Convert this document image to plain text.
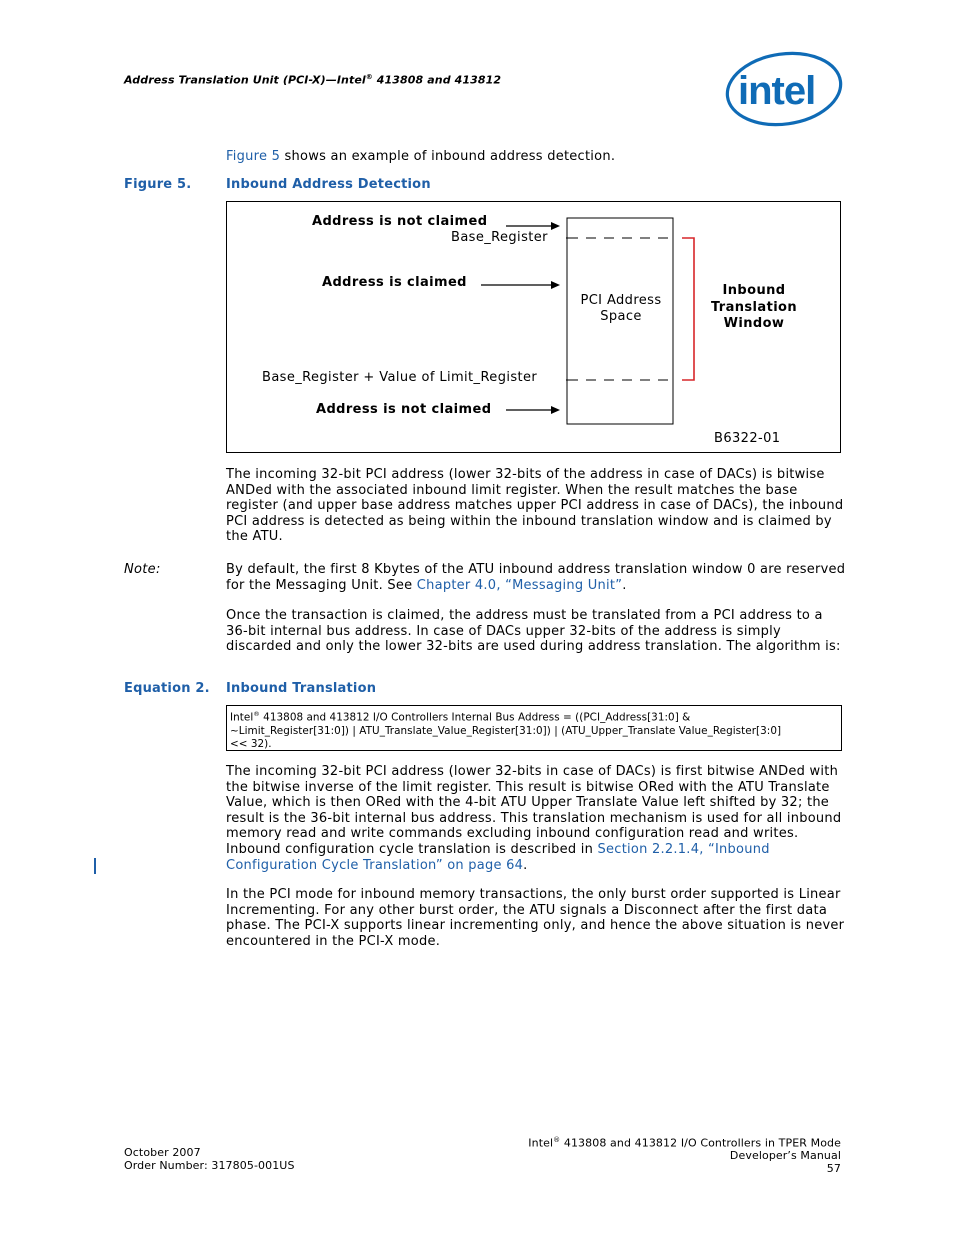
Address Translation Unit (PCI-X)—Intel® 413808 and 413812	intel
Figure 5 shows an example of inbound address detection.
Figure 5.	Inbound Address Detection
Address is not claimed
Base_Register
Address is claimed
PCI Address
Space
Inbound
Translation
Window
Base_Register + Value of Limit_Register
Address is not claimed
B6322-01
The incoming 32-bit PCI address (lower 32-bits of the address in case of DACs) is bitwise ANDed with the associated inbound limit register. When the result matches the base register (and upper base address matches upper PCI address in case of DACs), the inbound PCI address is detected as being within the inbound translation window and is claimed by the ATU.
Note:	By default, the first 8 Kbytes of the ATU inbound address translation window 0 are reserved for the Messaging Unit. See Chapter 4.0, “Messaging Unit”.
Once the transaction is claimed, the address must be translated from a PCI address to a 36-bit internal bus address. In case of DACs upper 32-bits of the address is simply discarded and only the lower 32-bits are used during address translation. The algorithm is:
Equation 2. Inbound Translation
Intel® 413808 and 413812 I/O Controllers Internal Bus Address = ((PCI_Address[31:0] &
~Limit_Register[31:0]) | ATU_Translate_Value_Register[31:0]) | (ATU_Upper_Translate Value_Register[3:0]
<< 32).
The incoming 32-bit PCI address (lower 32-bits in case of DACs) is first bitwise ANDed with the bitwise inverse of the limit register. This result is bitwise ORed with the ATU Translate Value, which is then ORed with the 4-bit ATU Upper Translate Value left shifted by 32; the result is the 36-bit internal bus address. This translation mechanism is used for all inbound memory read and write commands excluding inbound configuration read and writes. Inbound configuration cycle translation is described in Section 2.2.1.4, “Inbound Configuration Cycle Translation” on page 64.
In the PCI mode for inbound memory transactions, the only burst order supported is Linear Incrementing. For any other burst order, the ATU signals a Disconnect after the first data phase. The PCI-X supports linear incrementing only, and hence the above situation is never encountered in the PCI-X mode.
October 2007
Order Number: 317805-001US
Intel® 413808 and 413812 I/O Controllers in TPER Mode
Developer’s Manual
57
